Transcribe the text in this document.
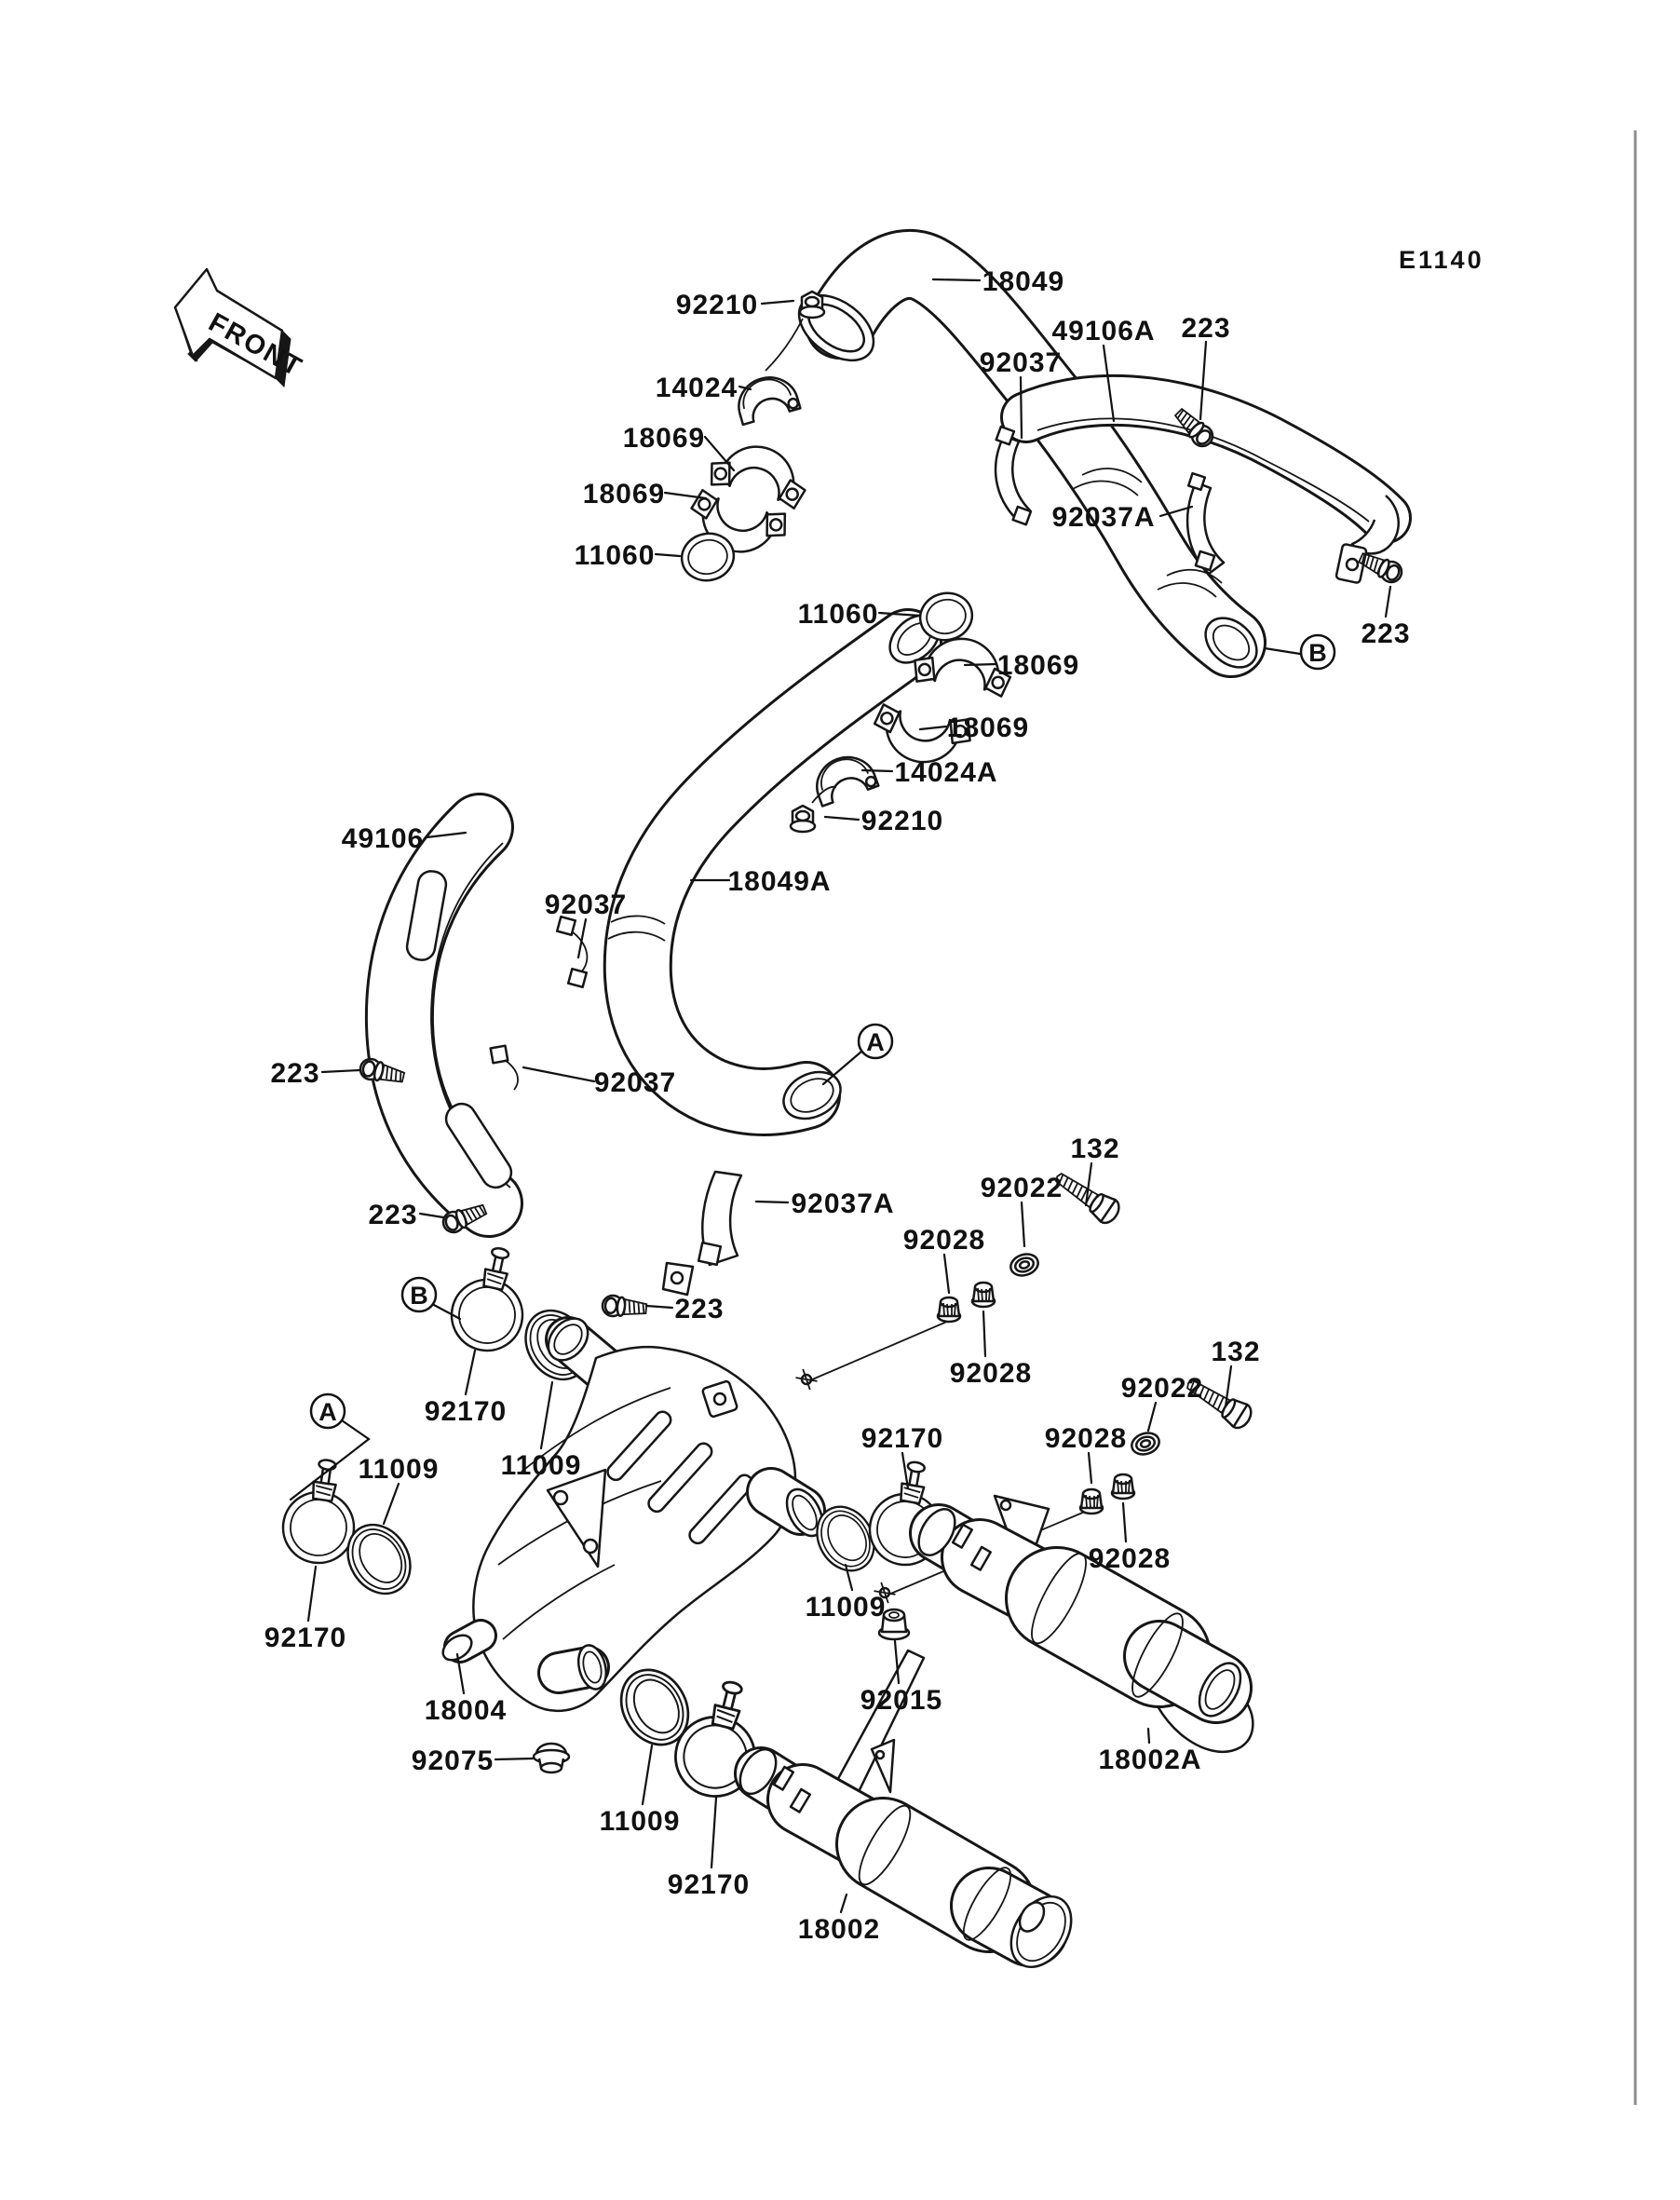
FRONT
E1140
92210
18049
49106A 223
92037
14024
18069
18069
11060
92037A
11060
18069
18069
14024A
92210
223
49106
18049A
92037
223	92037
223	92037A
132
92022
92028
223
92028
132
92022
92170	92028
92170
11009
11009
92028
11009
92170
18004	92015
92075	18002A
11009
92170
18002
B
A
B
A
